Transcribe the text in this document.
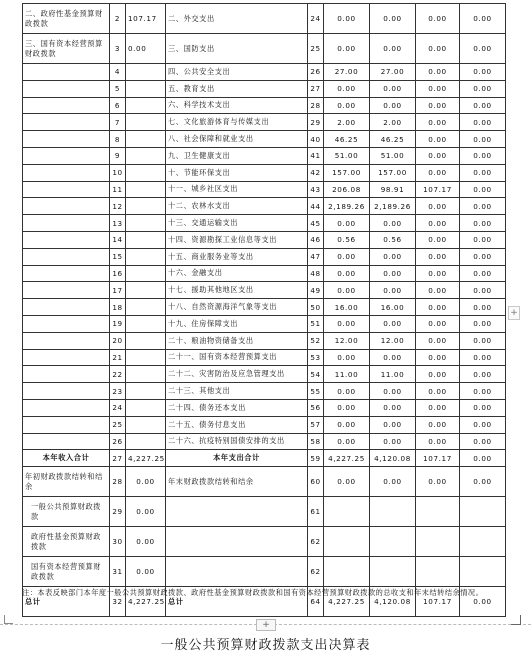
二、政府性基金预算财政拨款	2	107.17	二、外交支出	24	0.00	0.00	0.00	0.00
三、国有资本经营预算财政拨款	3	0.00	三、国防支出	25	0.00	0.00	0.00	0.00
	4		四、公共安全支出	26	27.00	27.00	0.00	0.00
	5		五、教育支出	27	0.00	0.00	0.00	0.00
	6		六、科学技术支出	28	0.00	0.00	0.00	0.00
	7		七、文化旅游体育与传媒支出	29	2.00	2.00	0.00	0.00
	8		八、社会保障和就业支出	40	46.25	46.25	0.00	0.00
	9		九、卫生健康支出	41	51.00	51.00	0.00	0.00
	10		十、节能环保支出	42	157.00	157.00	0.00	0.00
	11		十一、城乡社区支出	43	206.08	98.91	107.17	0.00
	12		十二、农林水支出	44	2,189.26	2,189.26	0.00	0.00
	13		十三、交通运输支出	45	0.00	0.00	0.00	0.00
	14		十四、资源勘探工业信息等支出	46	0.56	0.56	0.00	0.00
	15		十五、商业服务业等支出	47	0.00	0.00	0.00	0.00
	16		十六、金融支出	48	0.00	0.00	0.00	0.00
	17		十七、援助其他地区支出	49	0.00	0.00	0.00	0.00
	18		十八、自然资源海洋气象等支出	50	16.00	16.00	0.00	0.00
	19		十九、住房保障支出	51	0.00	0.00	0.00	0.00
	20		二十、粮油物资储备支出	52	12.00	12.00	0.00	0.00
	21		二十一、国有资本经营预算支出	53	0.00	0.00	0.00	0.00
	22		二十二、灾害防治及应急管理支出	54	11.00	11.00	0.00	0.00
	23		二十三、其他支出	55	0.00	0.00	0.00	0.00
	24		二十四、债务还本支出	56	0.00	0.00	0.00	0.00
	25		二十五、债务付息支出	57	0.00	0.00	0.00	0.00
	26		二十六、抗疫特别国债安排的支出	58	0.00	0.00	0.00	0.00
本年收入合计	27	4,227.25	本年支出合计	59	4,227.25	4,120.08	107.17	0.00
年初财政拨款结转和结余	28	0.00	年末财政拨款结转和结余	60	0.00	0.00	0.00	0.00
一般公共预算财政拨款	29	0.00		61				
政府性基金预算财政拨款	30	0.00		62				
国有资本经营预算财政拨款	31	0.00		62				
总计	32	4,227.25	总计	64	4,227.25	4,120.08	107.17	0.00
注：本表反映部门本年度一般公共预算财政拨款、政府性基金预算财政拨款和国有资本经营预算财政拨款的总收支和年末结转结余情况。
+
+
一般公共预算财政拨款支出决算表
